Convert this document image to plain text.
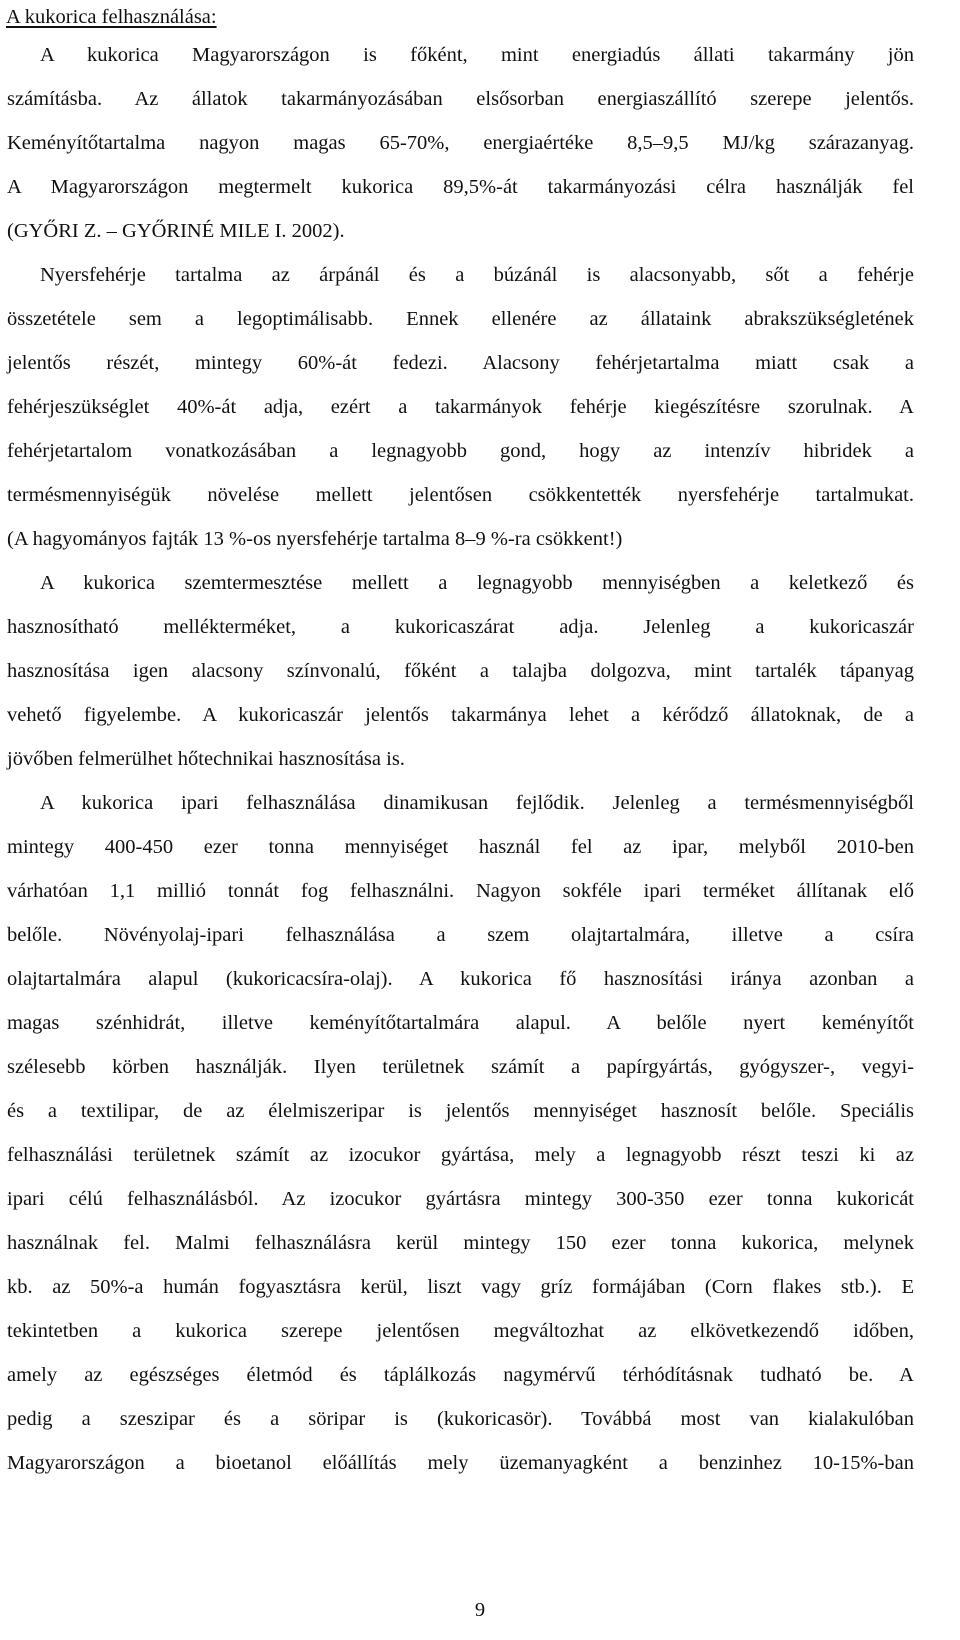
A kukorica felhasználása:
A kukorica Magyarországon is főként, mint energiadús állati takarmány jön
számításba. Az állatok takarmányozásában elsősorban energiaszállító szerepe jelentős.
Keményítőtartalma nagyon magas 65-70%, energiaértéke 8,5–9,5 MJ/kg szárazanyag.
A Magyarországon megtermelt kukorica 89,5%-át takarmányozási célra használják fel
(GYŐRI Z. – GYŐRINÉ MILE I. 2002).
Nyersfehérje tartalma az árpánál és a búzánál is alacsonyabb, sőt a fehérje
összetétele sem a legoptimálisabb. Ennek ellenére az állataink abrakszükségletének
jelentős részét, mintegy 60%-át fedezi. Alacsony fehérjetartalma miatt csak a
fehérjeszükséglet 40%-át adja, ezért a takarmányok fehérje kiegészítésre szorulnak. A
fehérjetartalom vonatkozásában a legnagyobb gond, hogy az intenzív hibridek a
termésmennyiségük növelése mellett jelentősen csökkentették nyersfehérje tartalmukat.
(A hagyományos fajták 13 %-os nyersfehérje tartalma 8–9 %-ra csökkent!)
A kukorica szemtermesztése mellett a legnagyobb mennyiségben a keletkező és
hasznosítható mellékterméket, a kukoricaszárat adja. Jelenleg a kukoricaszár
hasznosítása igen alacsony színvonalú, főként a talajba dolgozva, mint tartalék tápanyag
vehető figyelembe. A kukoricaszár jelentős takarmánya lehet a kérődző állatoknak, de a
jövőben felmerülhet hőtechnikai hasznosítása is.
A kukorica ipari felhasználása dinamikusan fejlődik. Jelenleg a termésmennyiségből
mintegy 400-450 ezer tonna mennyiséget használ fel az ipar, melyből 2010-ben
várhatóan 1,1 millió tonnát fog felhasználni. Nagyon sokféle ipari terméket állítanak elő
belőle. Növényolaj-ipari felhasználása a szem olajtartalmára, illetve a csíra
olajtartalmára alapul (kukoricacsíra-olaj). A kukorica fő hasznosítási iránya azonban a
magas szénhidrát, illetve keményítőtartalmára alapul. A belőle nyert keményítőt
szélesebb körben használják. Ilyen területnek számít a papírgyártás, gyógyszer-, vegyi-
és a textilipar, de az élelmiszeripar is jelentős mennyiséget hasznosít belőle. Speciális
felhasználási területnek számít az izocukor gyártása, mely a legnagyobb részt teszi ki az
ipari célú felhasználásból. Az izocukor gyártásra mintegy 300-350 ezer tonna kukoricát
használnak fel. Malmi felhasználásra kerül mintegy 150 ezer tonna kukorica, melynek
kb. az 50%-a humán fogyasztásra kerül, liszt vagy gríz formájában (Corn flakes stb.). E
tekintetben a kukorica szerepe jelentősen megváltozhat az elkövetkezendő időben,
amely az egészséges életmód és táplálkozás nagymérvű térhódításnak tudható be. A
pedig a szeszipar és a söripar is (kukoricasör). Továbbá most van kialakulóban
Magyarországon a bioetanol előállítás mely üzemanyagként a benzinhez 10-15%-ban
9
